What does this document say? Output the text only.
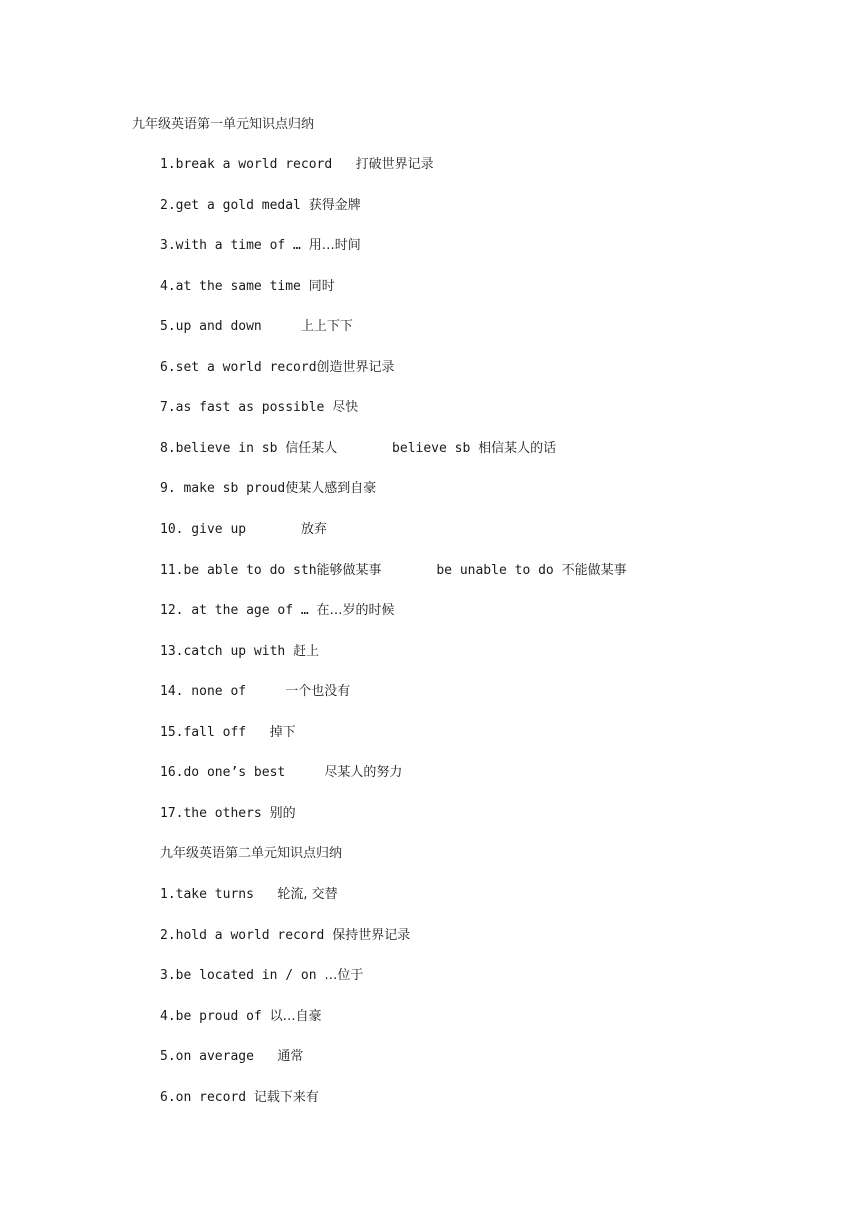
九年级英语第一单元知识点归纳
1.break a world record 打破世界记录
2.get a gold medal 获得金牌
3.with a time of … 用…时间
4.at the same time 同时
5.up and down	上上下下
6.set a world record创造世界记录
7.as fast as possible 尽快
8.believe in sb 信任某人       believe sb 相信某人的话
9. make sb proud使某人感到自豪
10. give up	放弃
11.be able to do sth能够做某事       be unable to do 不能做某事
12. at the age of … 在…岁的时候
13.catch up with 赶上
14. none of	一个也没有
15.fall off 掉下
16.do one’s best	尽某人的努力
17.the others 别的
九年级英语第二单元知识点归纳
1.take turns 轮流, 交替
2.hold a world record 保持世界记录
3.be located in / on …位于
4.be proud of 以…自豪
5.on average 通常
6.on record 记载下来有
